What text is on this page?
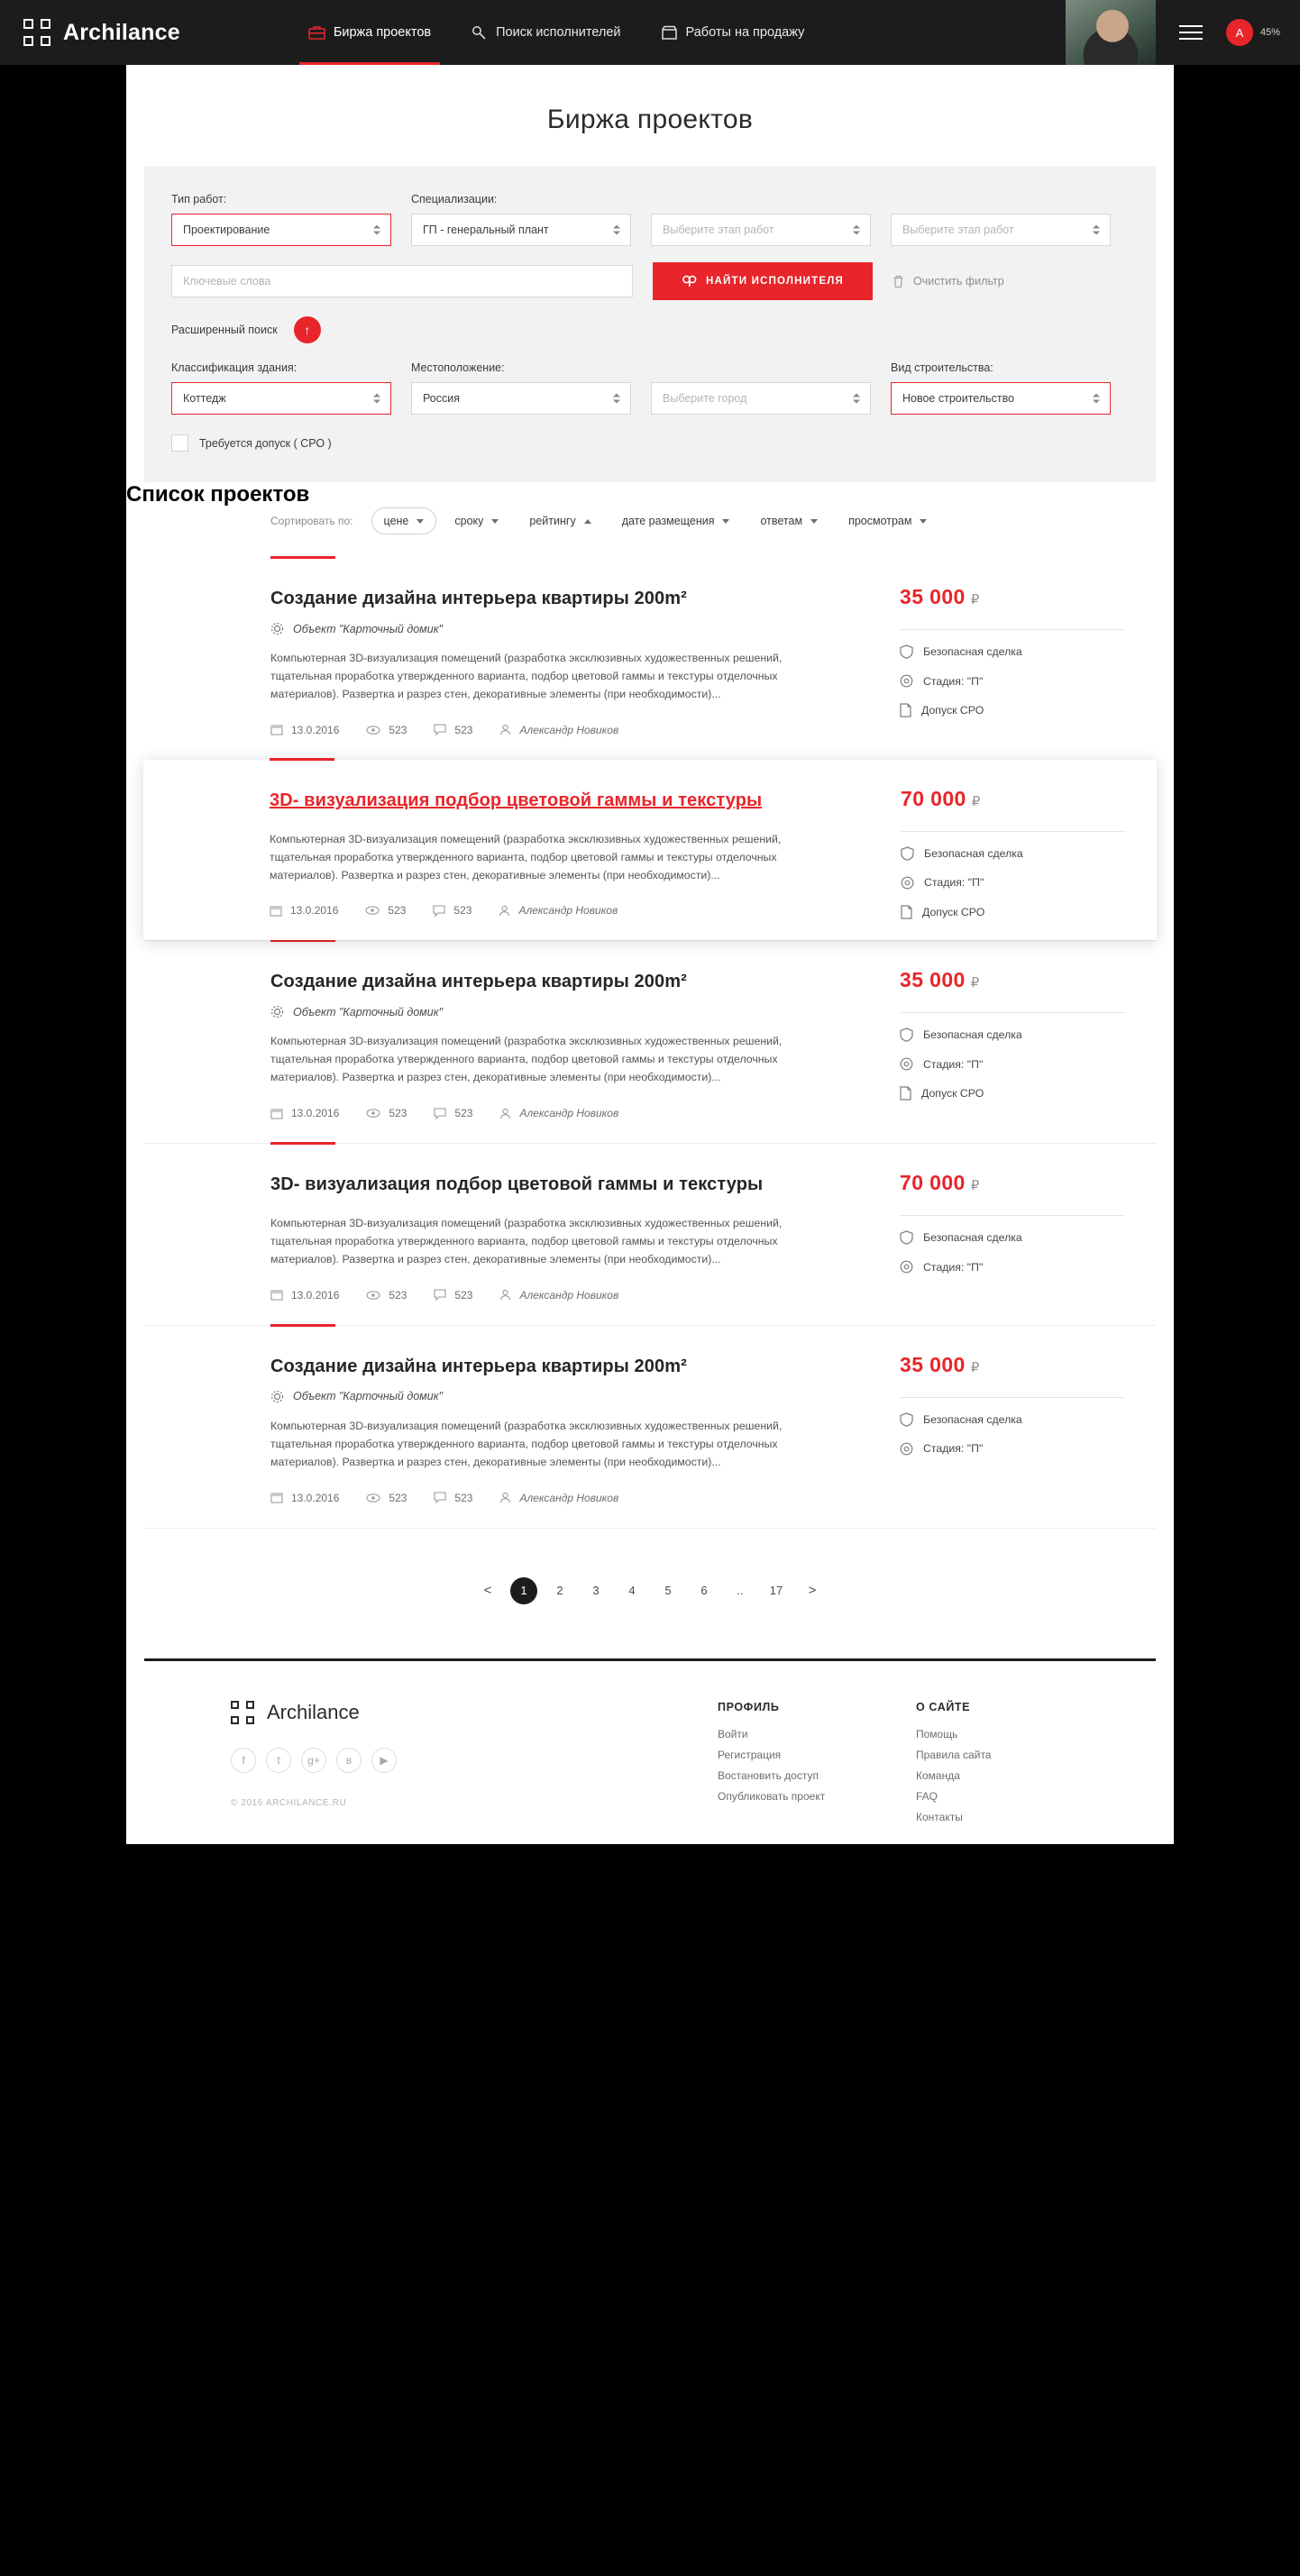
Archilance	Биржа проектов	Поиск исполнителей	Работы на продажу	A	45%
Биржа проектов
Тип работ:
Проектирование
Специализации:
ГП - генеральный плант
	Выберите этап работ
	Выберите этап работ
Ключевые слова	НАЙТИ ИСПОЛНИТЕЛЯ	Очистить фильтр
Расширенный поиск ↑
Классификация здания:
Коттедж
Местоположение:
Россия
	Выберите город
Вид строительства:
Новое строительство
Требуется допуск ( СРО )
Список проектов
Сортировать по:	цене	сроку	рейтингу	дате размещения	ответам	просмотрам
Создание дизайна интерьера квартиры 200m²
Объект "Карточный домик"
Компьютерная 3D-визуализация помещений (разработка эксклюзивных художественных решений, тщательная проработка утвержденного варианта, подбор цветовой гаммы и текстуры отделочных материалов). Развертка и разрез стен, декоративные элементы (при необходимости)...
13.0.2016	523	523	Александр Новиков
35 000 ₽
Безопасная сделка
Стадия: "П"
Допуск СРО
3D- визуализация подбор цветовой гаммы и текстуры
Компьютерная 3D-визуализация помещений (разработка эксклюзивных художественных решений, тщательная проработка утвержденного варианта, подбор цветовой гаммы и текстуры отделочных материалов). Развертка и разрез стен, декоративные элементы (при необходимости)...
13.0.2016	523	523	Александр Новиков
70 000 ₽
Безопасная сделка
Стадия: "П"
Допуск СРО
Создание дизайна интерьера квартиры 200m²
Объект "Карточный домик"
Компьютерная 3D-визуализация помещений (разработка эксклюзивных художественных решений, тщательная проработка утвержденного варианта, подбор цветовой гаммы и текстуры отделочных материалов). Развертка и разрез стен, декоративные элементы (при необходимости)...
13.0.2016	523	523	Александр Новиков
35 000 ₽
Безопасная сделка
Стадия: "П"
Допуск СРО
3D- визуализация подбор цветовой гаммы и текстуры
Компьютерная 3D-визуализация помещений (разработка эксклюзивных художественных решений, тщательная проработка утвержденного варианта, подбор цветовой гаммы и текстуры отделочных материалов). Развертка и разрез стен, декоративные элементы (при необходимости)...
13.0.2016	523	523	Александр Новиков
70 000 ₽
Безопасная сделка
Стадия: "П"
Создание дизайна интерьера квартиры 200m²
Объект "Карточный домик"
Компьютерная 3D-визуализация помещений (разработка эксклюзивных художественных решений, тщательная проработка утвержденного варианта, подбор цветовой гаммы и текстуры отделочных материалов). Развертка и разрез стен, декоративные элементы (при необходимости)...
13.0.2016	523	523	Александр Новиков
35 000 ₽
Безопасная сделка
Стадия: "П"
<	1	2	3	4	5	6	..	17	>
Archilance
f	t	g+	в	▶
© 2016 ARCHILANCE.RU
ПРОФИЛЬ
Войти
Регистрация
Востановить доступ
Опубликовать проект
О САЙТЕ
Помощь
Правила сайта
Команда
FAQ
Контакты
